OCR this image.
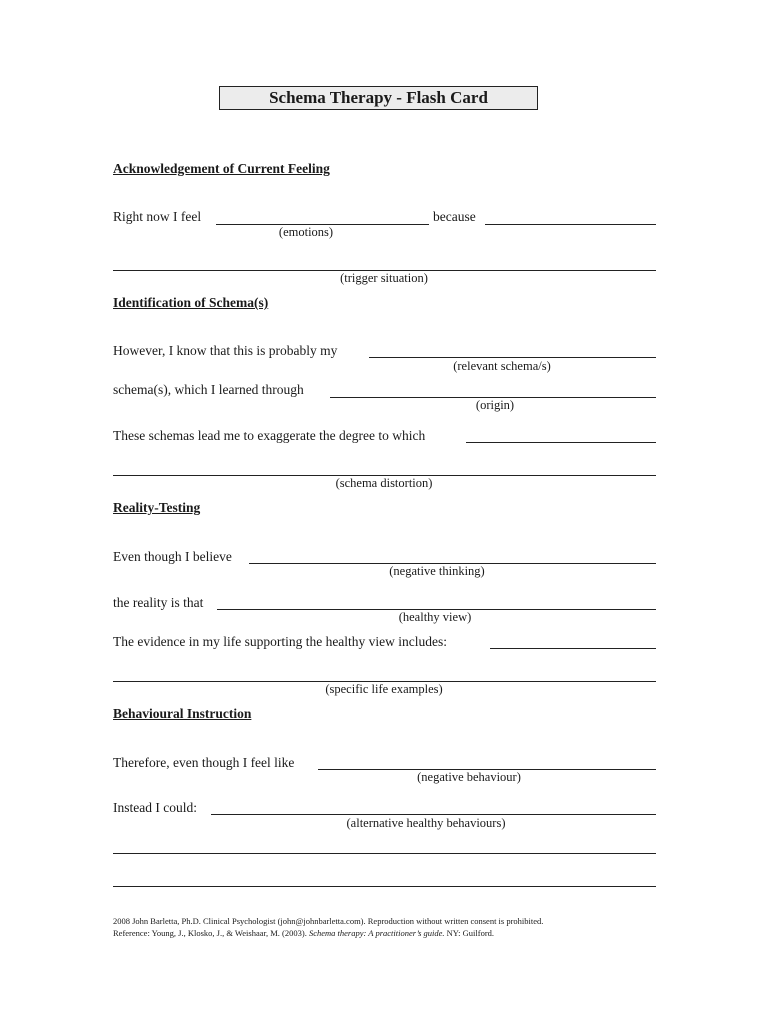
Schema Therapy - Flash Card
Acknowledgement of Current Feeling
Right now I feel	because
(emotions)
(trigger situation)
Identification of Schema(s)
However, I know that this is probably my
(relevant schema/s)
schema(s), which I learned through
(origin)
These schemas lead me to exaggerate the degree to which
(schema distortion)
Reality-Testing
Even though I believe
(negative thinking)
the reality is that
(healthy view)
The evidence in my life supporting the healthy view includes:
(specific life examples)
Behavioural Instruction
Therefore, even though I feel like
(negative behaviour)
Instead I could:
(alternative healthy behaviours)
2008 John Barletta, Ph.D. Clinical Psychologist (john@johnbarletta.com). Reproduction without written consent is prohibited.
Reference: Young, J., Klosko, J., & Weishaar, M. (2003). Schema therapy: A practitioner’s guide. NY: Guilford.
